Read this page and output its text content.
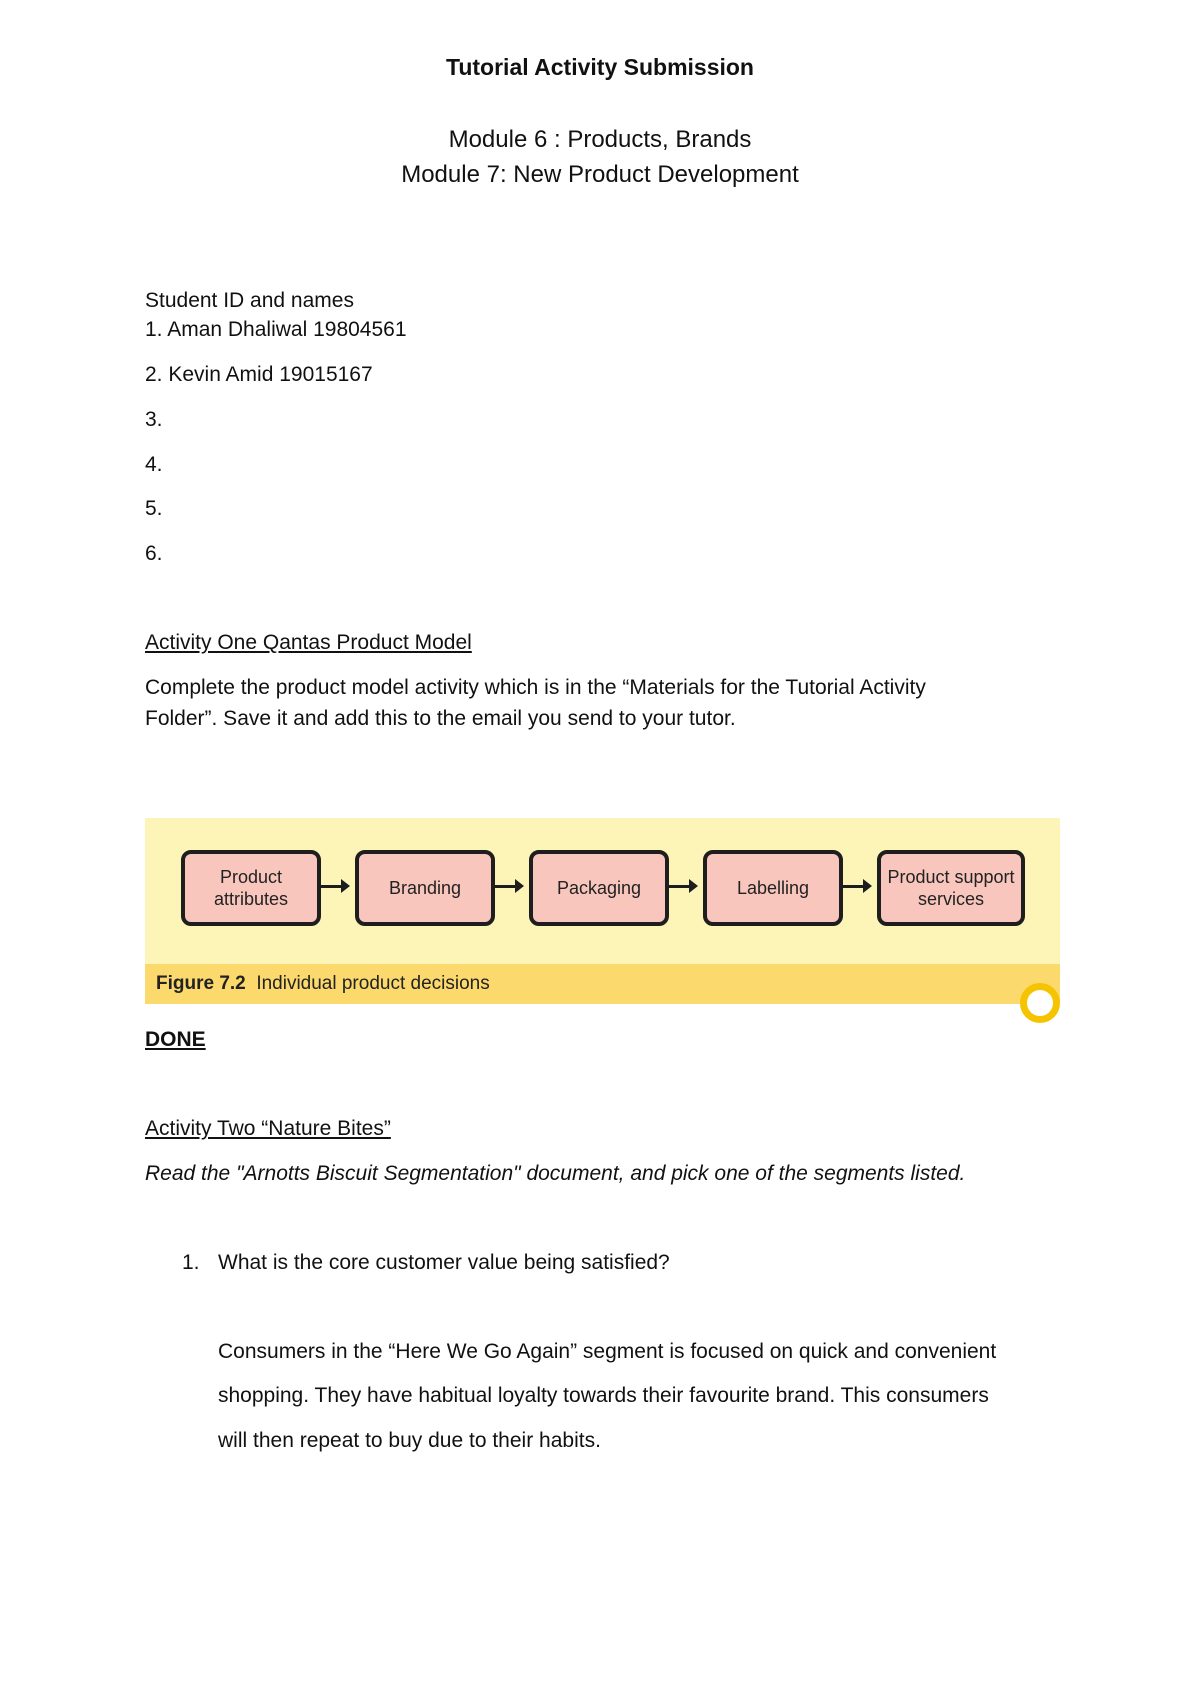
Tutorial Activity Submission
Module 6 : Products, Brands
Module 7: New Product Development
Student ID and names
1. Aman Dhaliwal 19804561
2. Kevin Amid 19015167
3.
4.
5.
6.
Activity One Qantas Product Model
Complete the product model activity which is in the “Materials for the Tutorial Activity
Folder”. Save it and add this to the email you send to your tutor.
Product attributes
Branding	Packaging	Labelling
Product support services
Figure 7.2 Individual product decisions
DONE
Activity Two “Nature Bites”
Read the "Arnotts Biscuit Segmentation" document, and pick one of the segments listed.
1. What is the core customer value being satisfied?
Consumers in the “Here We Go Again” segment is focused on quick and convenient
shopping. They have habitual loyalty towards their favourite brand. This consumers
will then repeat to buy due to their habits.
